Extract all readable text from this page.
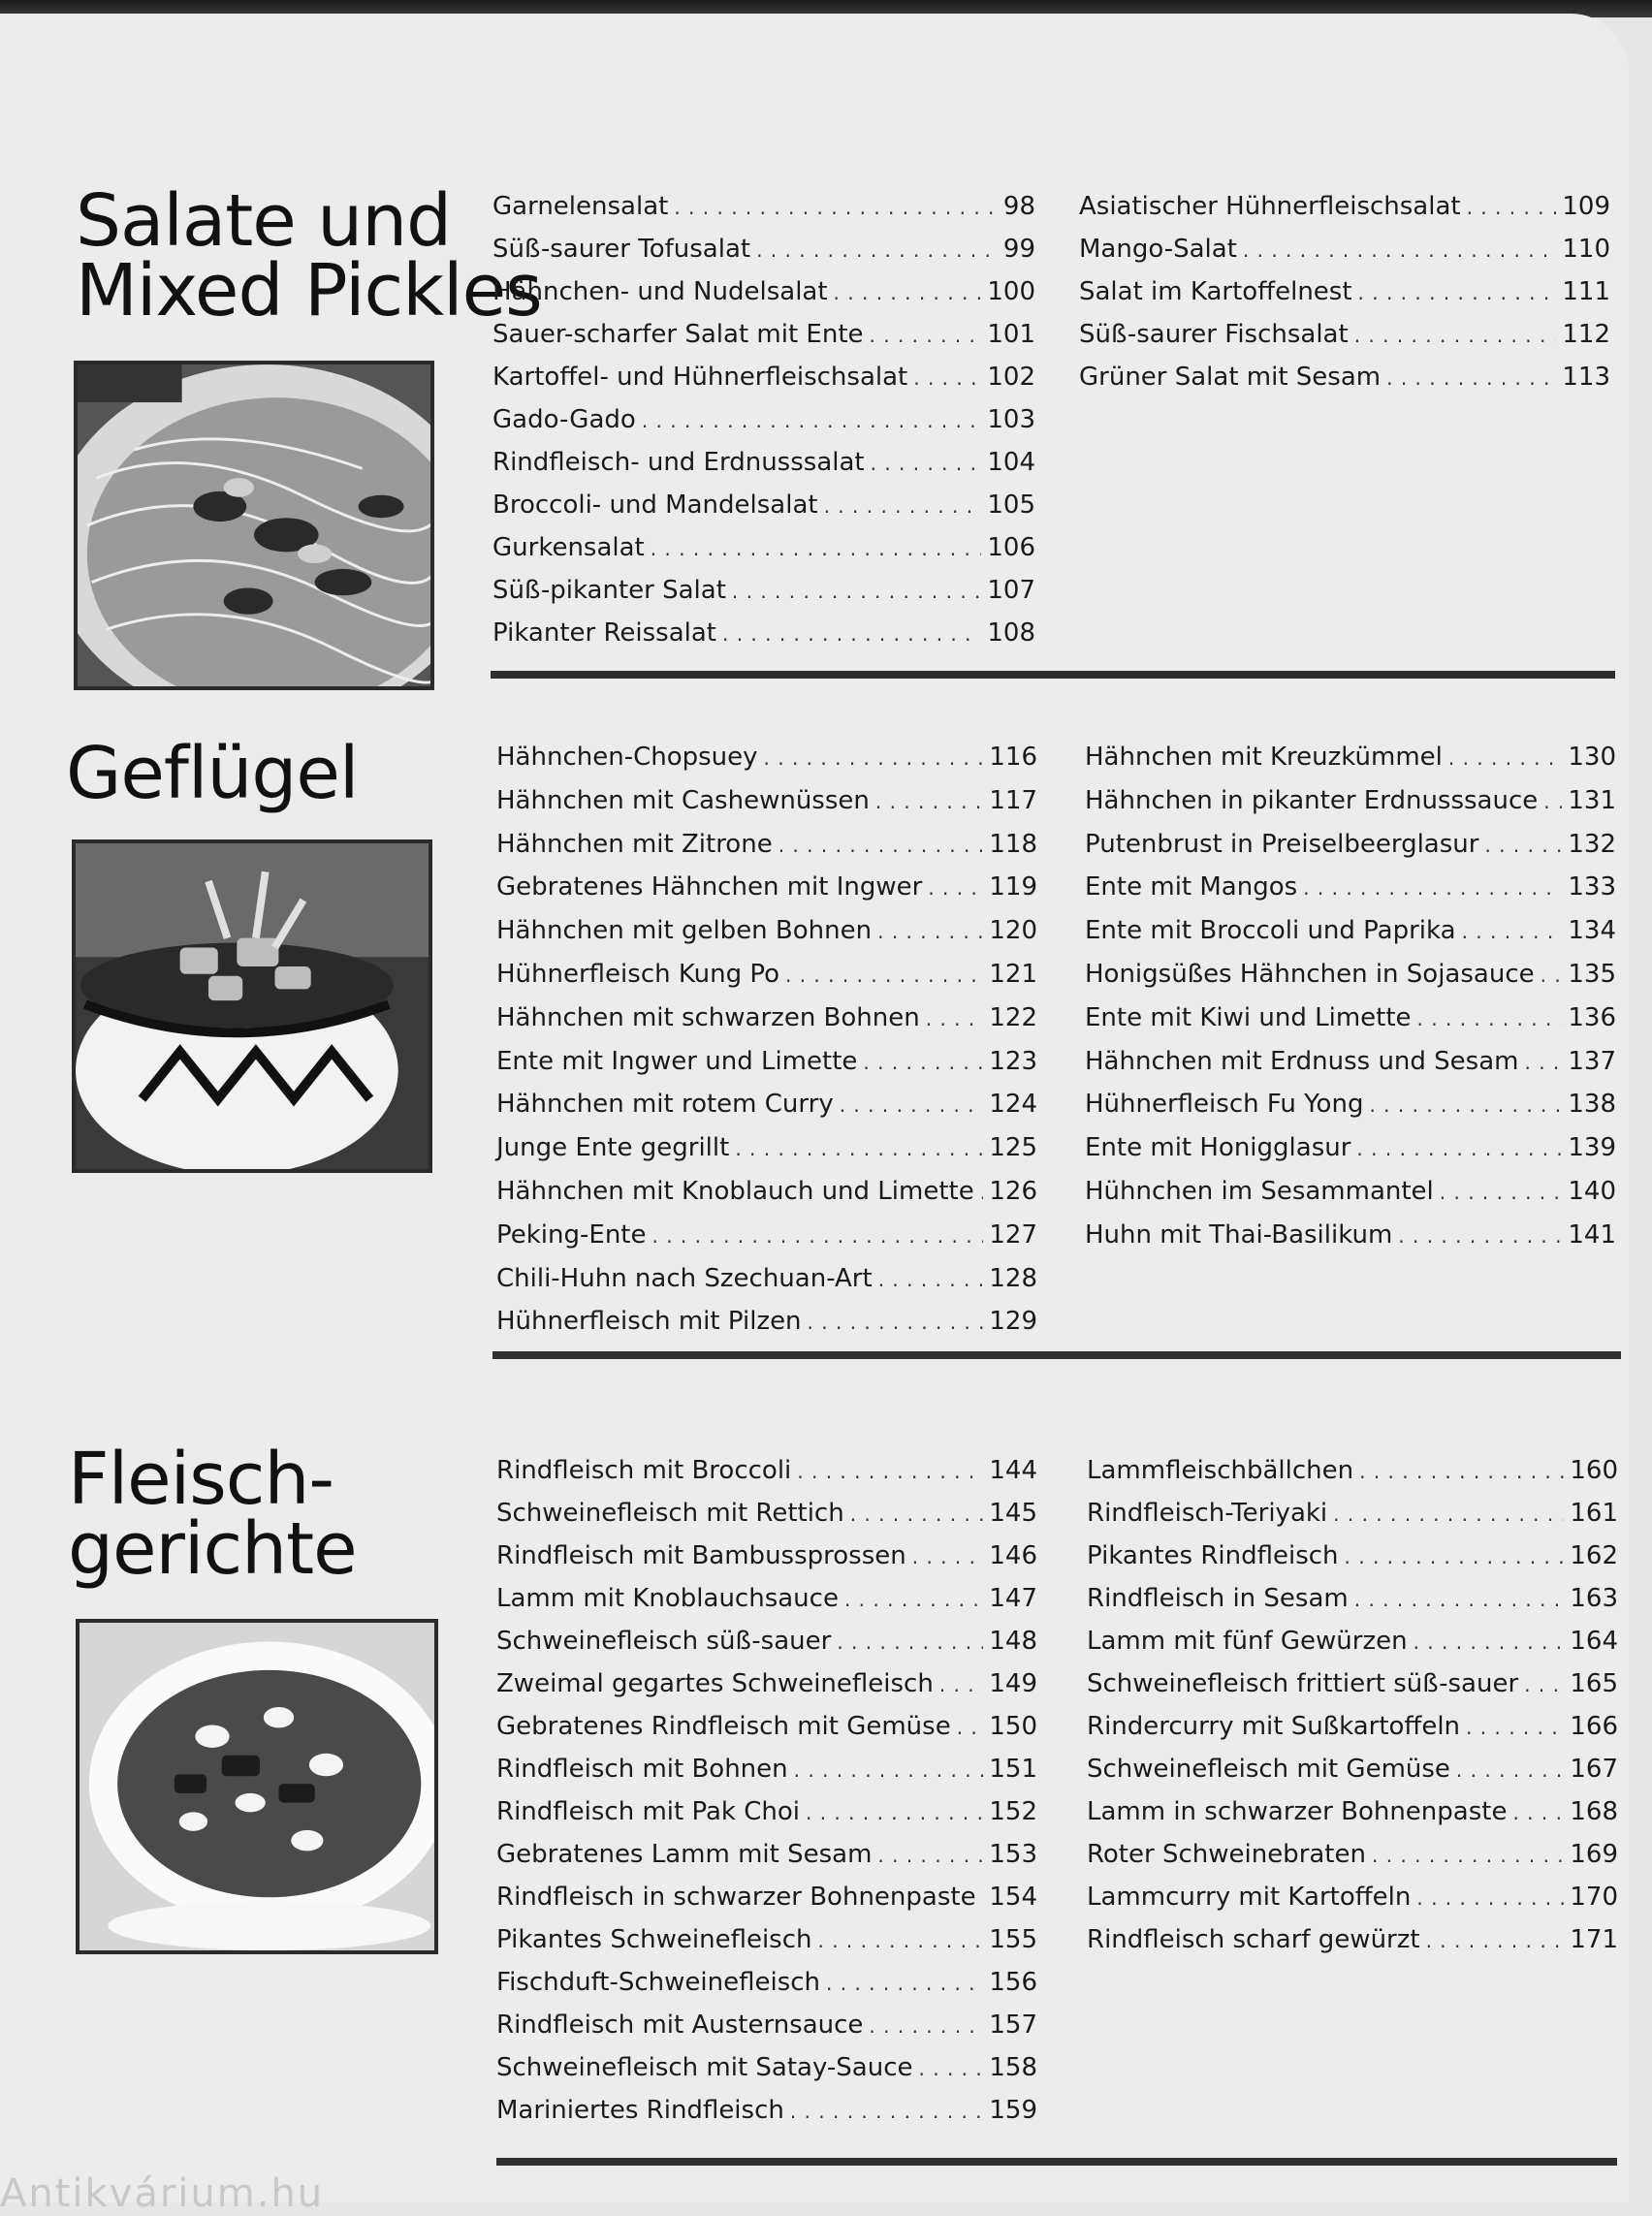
Salate und
Mixed Pickles
Garnelensalat . . .	98
Süß-saurer Tofusalat . . .	99
Hähnchen- und Nudelsalat . . .	100
Sauer-scharfer Salat mit Ente . . .	101
Kartoffel- und Hühnerfleischsalat . . .	102
Gado-Gado . . .	103
Rindfleisch- und Erdnusssalat . . .	104
Broccoli- und Mandelsalat . . .	105
Gurkensalat . . .	106
Süß-pikanter Salat . . .	107
Pikanter Reissalat . . .	108
Asiatischer Hühnerfleischsalat . . .	109
Mango-Salat . . .	110
Salat im Kartoffelnest . . .	111
Süß-saurer Fischsalat . . .	112
Grüner Salat mit Sesam . . .	113
Geflügel	Hähnchen-Chopsuey . . .	116
Hähnchen mit Cashewnüssen . . .	117
Hähnchen mit Zitrone . . .	118
Gebratenes Hähnchen mit Ingwer . . .	119
Hähnchen mit gelben Bohnen . . .	120
Hühnerfleisch Kung Po . . .	121
Hähnchen mit schwarzen Bohnen . . .	122
Ente mit Ingwer und Limette . . .	123
Hähnchen mit rotem Curry . . .	124
Junge Ente gegrillt . . .	125
Hähnchen mit Knoblauch und Limette . . . 126
Peking-Ente . . .	127
Chili-Huhn nach Szechuan-Art . . .	128
Hühnerfleisch mit Pilzen . . .	129
Hähnchen mit Kreuzkümmel . . .	130
Hähnchen in pikanter Erdnusssauce . . . 131
Putenbrust in Preiselbeerglasur . . .	132
Ente mit Mangos . . .	133
Ente mit Broccoli und Paprika . . .	134
Honigsüßes Hähnchen in Sojasauce . . . 135
Ente mit Kiwi und Limette . . .	136
Hähnchen mit Erdnuss und Sesam . . . 137
Hühnerfleisch Fu Yong . . .	138
Ente mit Honigglasur . . .	139
Hühnchen im Sesammantel . . .	140
Huhn mit Thai-Basilikum . . .	141
Fleisch-
gerichte
Rindfleisch mit Broccoli . . .	144
Schweinefleisch mit Rettich . . .	145
Rindfleisch mit Bambussprossen . . .	146
Lamm mit Knoblauchsauce . . .	147
Schweinefleisch süß-sauer . . .	148
Zweimal gegartes Schweinefleisch . . . 149
Gebratenes Rindfleisch mit Gemüse . . . 150
Rindfleisch mit Bohnen . . .	151
Rindfleisch mit Pak Choi . . .	152
Gebratenes Lamm mit Sesam . . .	153
Rindfleisch in schwarzer Bohnenpaste . . . 154
Pikantes Schweinefleisch . . .	155
Fischduft-Schweinefleisch . . .	156
Rindfleisch mit Austernsauce . . .	157
Schweinefleisch mit Satay-Sauce . . .	158
Mariniertes Rindfleisch . . .	159
Lammfleischbällchen . . .	160
Rindfleisch-Teriyaki . . .	161
Pikantes Rindfleisch . . .	162
Rindfleisch in Sesam . . .	163
Lamm mit fünf Gewürzen . . .	164
Schweinefleisch frittiert süß-sauer . . . 165
Rindercurry mit Sußkartoffeln . . .	166
Schweinefleisch mit Gemüse . . .	167
Lamm in schwarzer Bohnenpaste . . . 168
Roter Schweinebraten . . .	169
Lammcurry mit Kartoffeln . . .	170
Rindfleisch scharf gewürzt . . .	171
Antikvárium.hu
